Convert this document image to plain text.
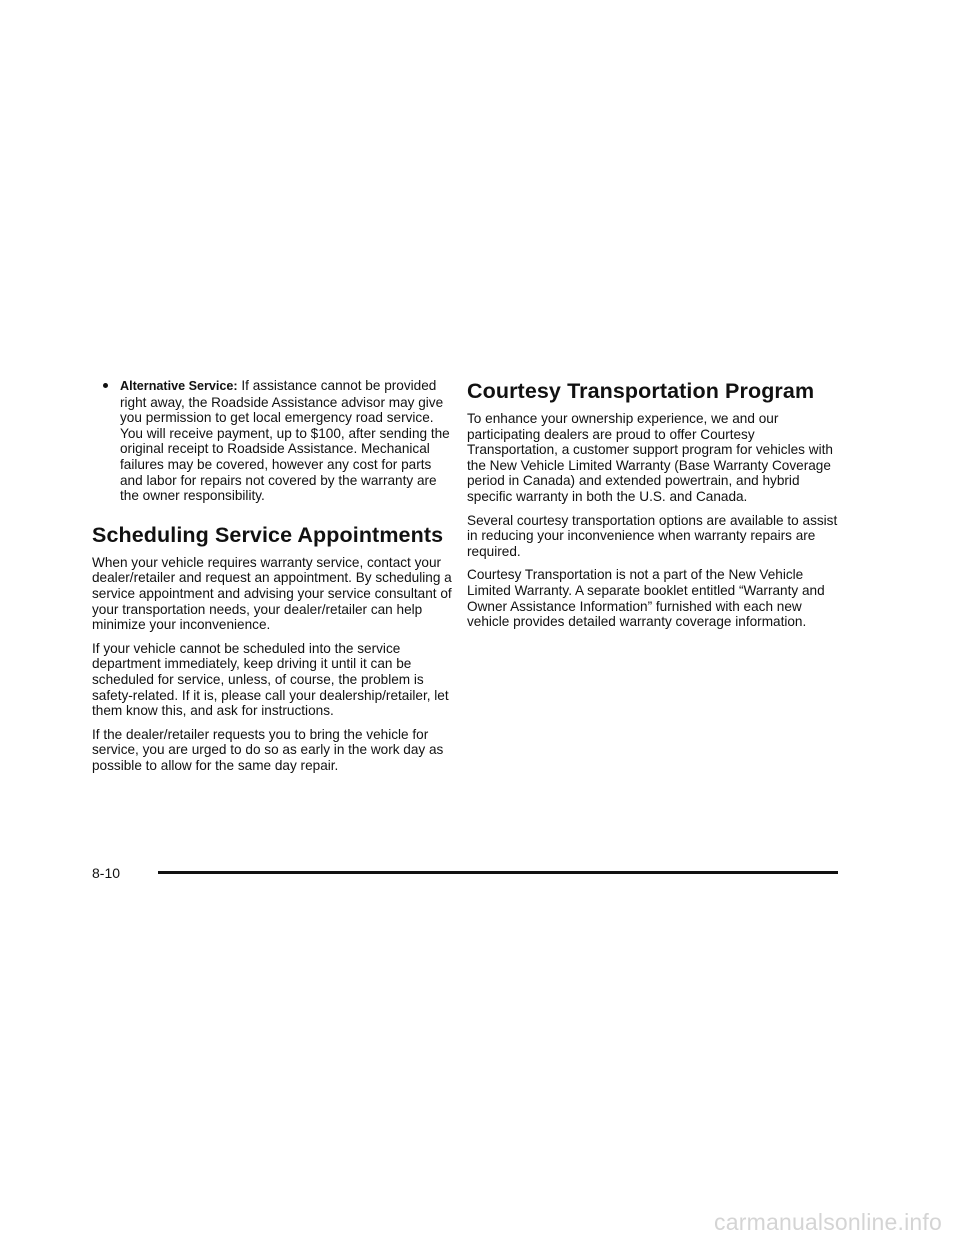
Alternative Service: If assistance cannot be provided right away, the Roadside Assistance advisor may give you permission to get local emergency road service. You will receive payment, up to $100, after sending the original receipt to Roadside Assistance. Mechanical failures may be covered, however any cost for parts and labor for repairs not covered by the warranty are the owner responsibility.
Scheduling Service Appointments

When your vehicle requires warranty service, contact your dealer/retailer and request an appointment. By scheduling a service appointment and advising your service consultant of your transportation needs, your dealer/retailer can help minimize your inconvenience.

If your vehicle cannot be scheduled into the service department immediately, keep driving it until it can be scheduled for service, unless, of course, the problem is safety-related. If it is, please call your dealership/retailer, let them know this, and ask for instructions.

If the dealer/retailer requests you to bring the vehicle for service, you are urged to do so as early in the work day as possible to allow for the same day repair.

Courtesy Transportation Program

To enhance your ownership experience, we and our participating dealers are proud to offer Courtesy Transportation, a customer support program for vehicles with the New Vehicle Limited Warranty (Base Warranty Coverage period in Canada) and extended powertrain, and hybrid specific warranty in both the U.S. and Canada.

Several courtesy transportation options are available to assist in reducing your inconvenience when warranty repairs are required.

Courtesy Transportation is not a part of the New Vehicle Limited Warranty. A separate booklet entitled “Warranty and Owner Assistance Information” furnished with each new vehicle provides detailed warranty coverage information.

8-10
carmanualsonline.info
